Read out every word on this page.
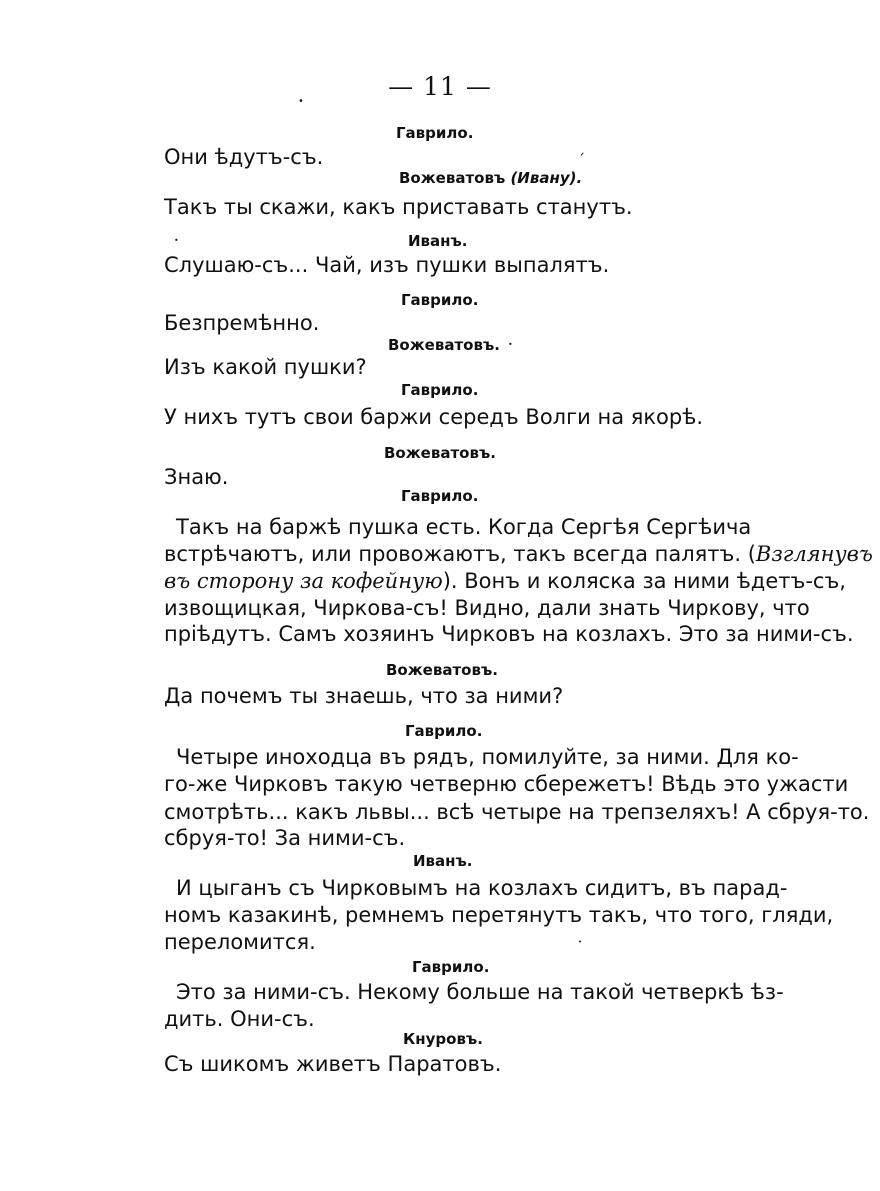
— 11 —
Гаврило.
Они ѣдутъ-съ.
Вожеватовъ (Ивану).
Такъ ты скажи, какъ приставать станутъ.
Иванъ.
Слушаю-съ... Чай, изъ пушки выпалятъ.
Гаврило.
Безпремѣнно.
Вожеватовъ.
Изъ какой пушки?
Гаврило.
У нихъ тутъ свои баржи середъ Волги на якорѣ.
Вожеватовъ.
Знаю.
Гаврило.
Такъ на баржѣ пушка есть. Когда Сергѣя Сергѣича
встрѣчаютъ, или провожаютъ, такъ всегда палятъ. (Взглянувъ
въ сторону за кофейную). Вонъ и коляска за ними ѣдетъ-съ,
извощицкая, Чиркова-съ! Видно, дали знать Чиркову, что
пріѣдутъ. Самъ хозяинъ Чирковъ на козлахъ. Это за ними-съ.
Вожеватовъ.
Да почемъ ты знаешь, что за ними?
Гаврило.
Четыре иноходца въ рядъ, помилуйте, за ними. Для ко-
го-же Чирковъ такую четверню сбережетъ! Вѣдь это ужасти
смотрѣть... какъ львы... всѣ четыре на трепзеляхъ! А сбруя-то.
сбруя-то! За ними-съ.
Иванъ.
И цыганъ съ Чирковымъ на козлахъ сидитъ, въ парад-
номъ казакинѣ, ремнемъ перетянутъ такъ, что того, гляди,
переломится.
Гаврило.
Это за ними-съ. Некому больше на такой четверкѣ ѣз-
дить. Они-съ.
Кнуровъ.
Съ шикомъ живетъ Паратовъ.
•
ˏ
•
•
•
